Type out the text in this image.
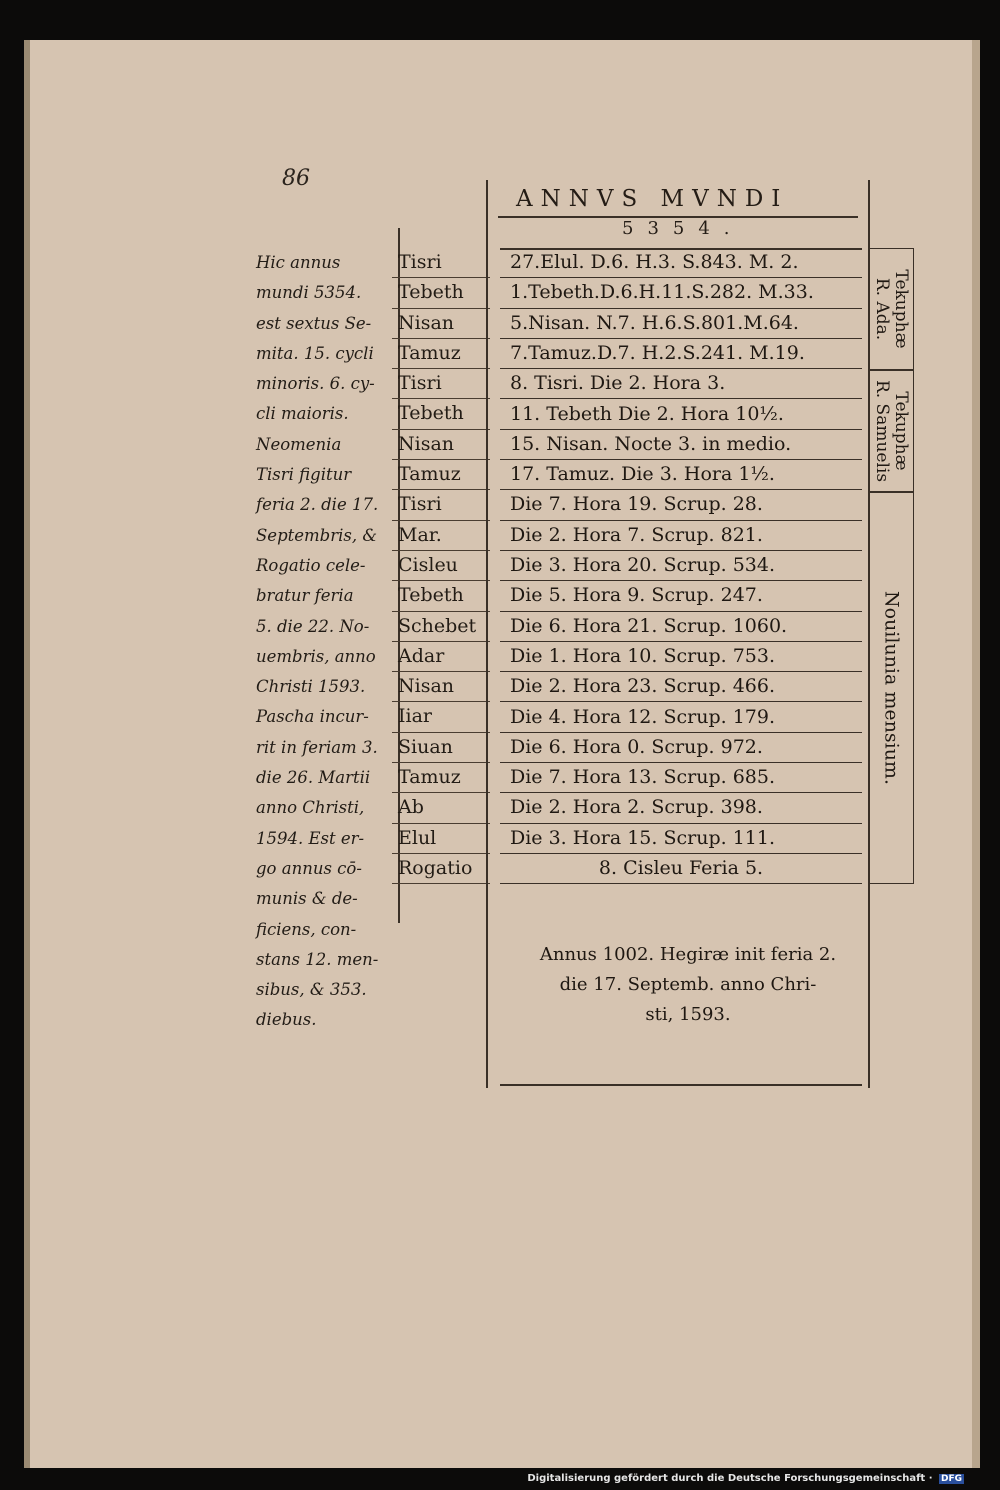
86
Hic annus
mundi 5354.
est sextus Se-
mita. 15. cycli
minoris. 6. cy-
cli maioris.
Neomenia
Tisri figitur
feria 2. die 17.
Septembris, &
Rogatio cele-
bratur feria
5. die 22. No-
uembris, anno
Christi 1593.
Pascha incur-
rit in feriam 3.
die 26. Martii
anno Christi,
1594. Est er-
go annus cō-
munis & de-
ficiens, con-
stans 12. men-
sibus, & 353.
diebus.
Tisri
Tebeth
Nisan
Tamuz
Tisri
Tebeth
Nisan
Tamuz
Tisri
Mar.
Cisleu
Tebeth
Schebet
Adar
Nisan
Iiar
Siuan
Tamuz
Ab
Elul
Rogatio
ANNVS MVNDI
5354.
27.Elul. D.6. H.3. S.843. M. 2.
1.Tebeth.D.6.H.11.S.282. M.33.
5.Nisan. N.7. H.6.S.801.M.64.
7.Tamuz.D.7. H.2.S.241. M.19.
8. Tisri. Die 2. Hora 3.
11. Tebeth Die 2. Hora 10½.
15. Nisan. Nocte 3. in medio.
17. Tamuz. Die 3. Hora 1½.
Die 7. Hora 19. Scrup. 28.
Die 2. Hora 7. Scrup. 821.
Die 3. Hora 20. Scrup. 534.
Die 5. Hora 9. Scrup. 247.
Die 6. Hora 21. Scrup. 1060.
Die 1. Hora 10. Scrup. 753.
Die 2. Hora 23. Scrup. 466.
Die 4. Hora 12. Scrup. 179.
Die 6. Hora 0. Scrup. 972.
Die 7. Hora 13. Scrup. 685.
Die 2. Hora 2. Scrup. 398.
Die 3. Hora 15. Scrup. 111.
8. Cisleu Feria 5.
Annus 1002. Hegiræ init feria 2.
die 17. Septemb. anno Chri-
sti, 1593.
Tekuphæ
R. Ada.
Tekuphæ
R. Samuelis
Nouilunia mensium.
Digitalisierung gefördert durch die Deutsche Forschungsgemeinschaft · DFG
